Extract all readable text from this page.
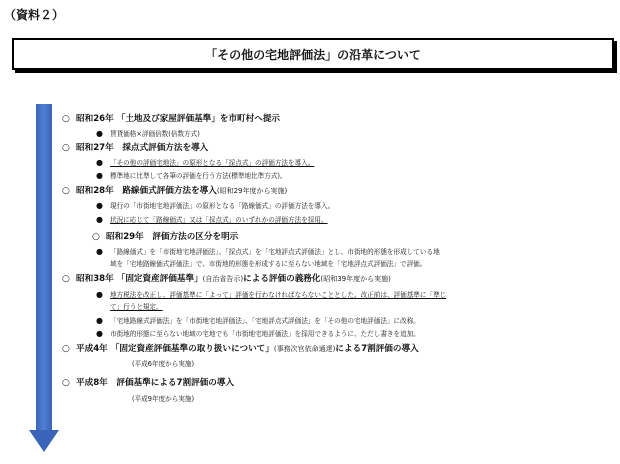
（資料２）
「その他の宅地評価法」の沿革について
○ 昭和26年 「土地及び家屋評価基準」を市町村へ提示
● 賃貸価格×評価倍数(倍数方式)
○ 昭和27年　採点式評価方法を導入
● 「その他の評価宅地法」の原形となる「採点式」の評価方法を導入。
● 標準地に比準して各筆の評価を行う方法(標準地比準方式)。
○ 昭和28年　路線価式評価方法を導入(昭和29年度から実施)
● 現行の「市街地宅地評価法」の原形となる「路線価式」の評価方法を導入。
● 状況に応じて「路線価式」又は「採点式」のいずれかの評価方法を採用。
○ 昭和29年　評価方法の区分を明示
● 「路線価式」を「市街地宅地評価法」、「採点式」を「宅地評点式評価法」とし、市街地的形態を形成している地
域を「宅地路線価式評価法」で、市街地的形態を形成するに至らない地域を「宅地評点式評価法」で評価。
○ 昭和38年 「固定資産評価基準」(自治省告示)による評価の義務化(昭和39年度から実施)
● 地方税法を改正し、評価基準に「よって」評価を行わなければならないこととした。改正前は、評価基準に「準じ
て」行うと規定。
● 「宅地路線式評価法」を「市街地宅地評価法」、「宅地評点式評価法」を「その他の宅地評価法」に改称。
● 市街地的形態に至らない地域の宅地でも「市街地宅地評価法」を採用できるように、ただし書きを追加。
○ 平成4年 「固定資産評価基準の取り扱いについて」(事務次官依命通達)による7割評価の導入
(平成6年度から実施)
○ 平成8年　評価基準による7割評価の導入
(平成9年度から実施)
